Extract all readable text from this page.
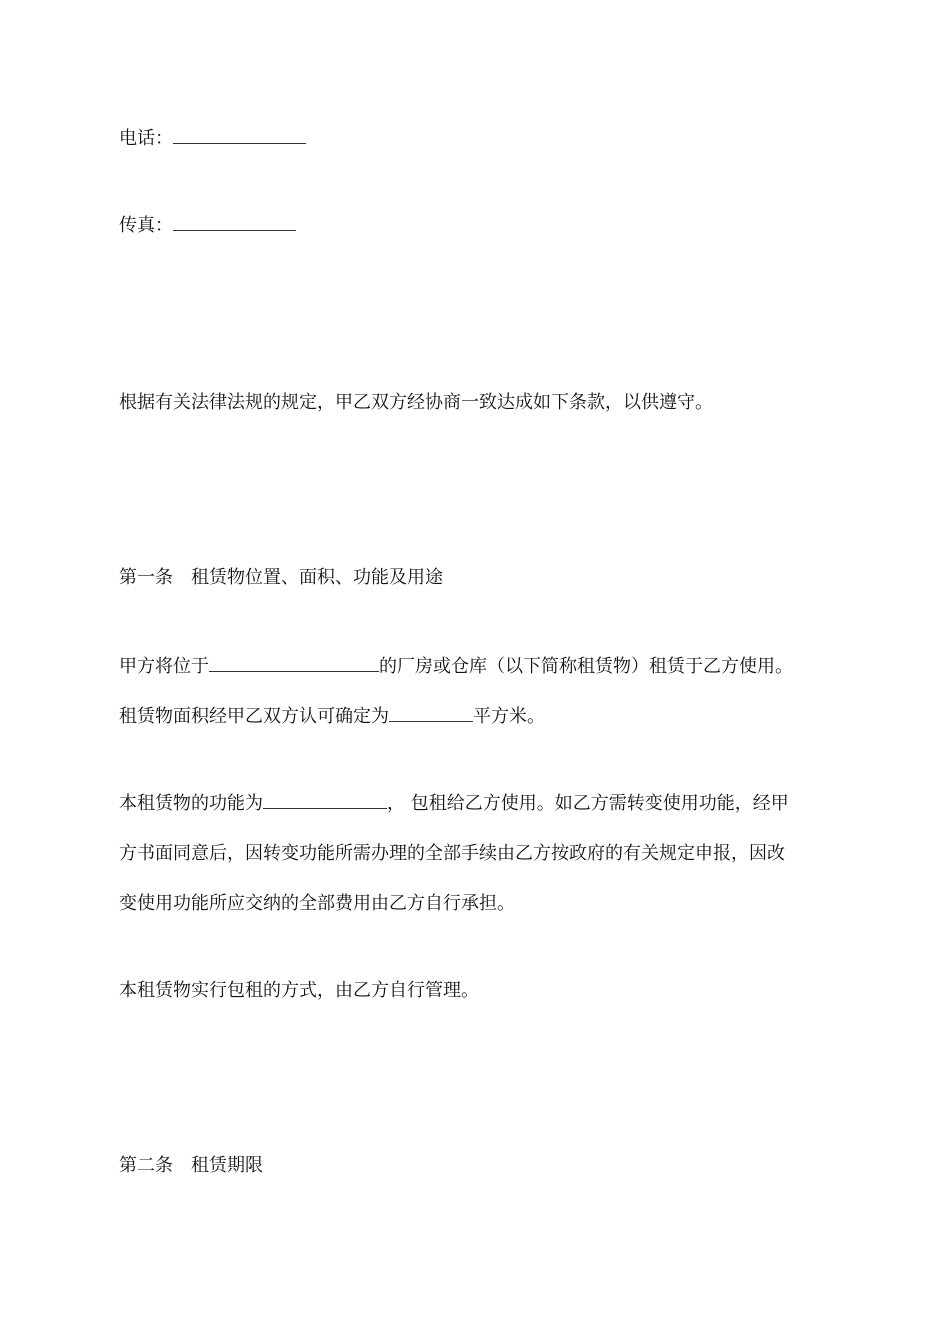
电话：
传真：
根据有关法律法规的规定，甲乙双方经协商一致达成如下条款，以供遵守。
第一条　租赁物位置、面积、功能及用途
甲方将位于	的厂房或仓库（以下简称租赁物）租赁于乙方使用。
租赁物面积经甲乙双方认可确定为	平方米。
本租赁物的功能为	， 包租给乙方使用。如乙方需转变使用功能，经甲
方书面同意后，因转变功能所需办理的全部手续由乙方按政府的有关规定申报，因改
变使用功能所应交纳的全部费用由乙方自行承担。
本租赁物实行包租的方式，由乙方自行管理。
第二条　租赁期限
